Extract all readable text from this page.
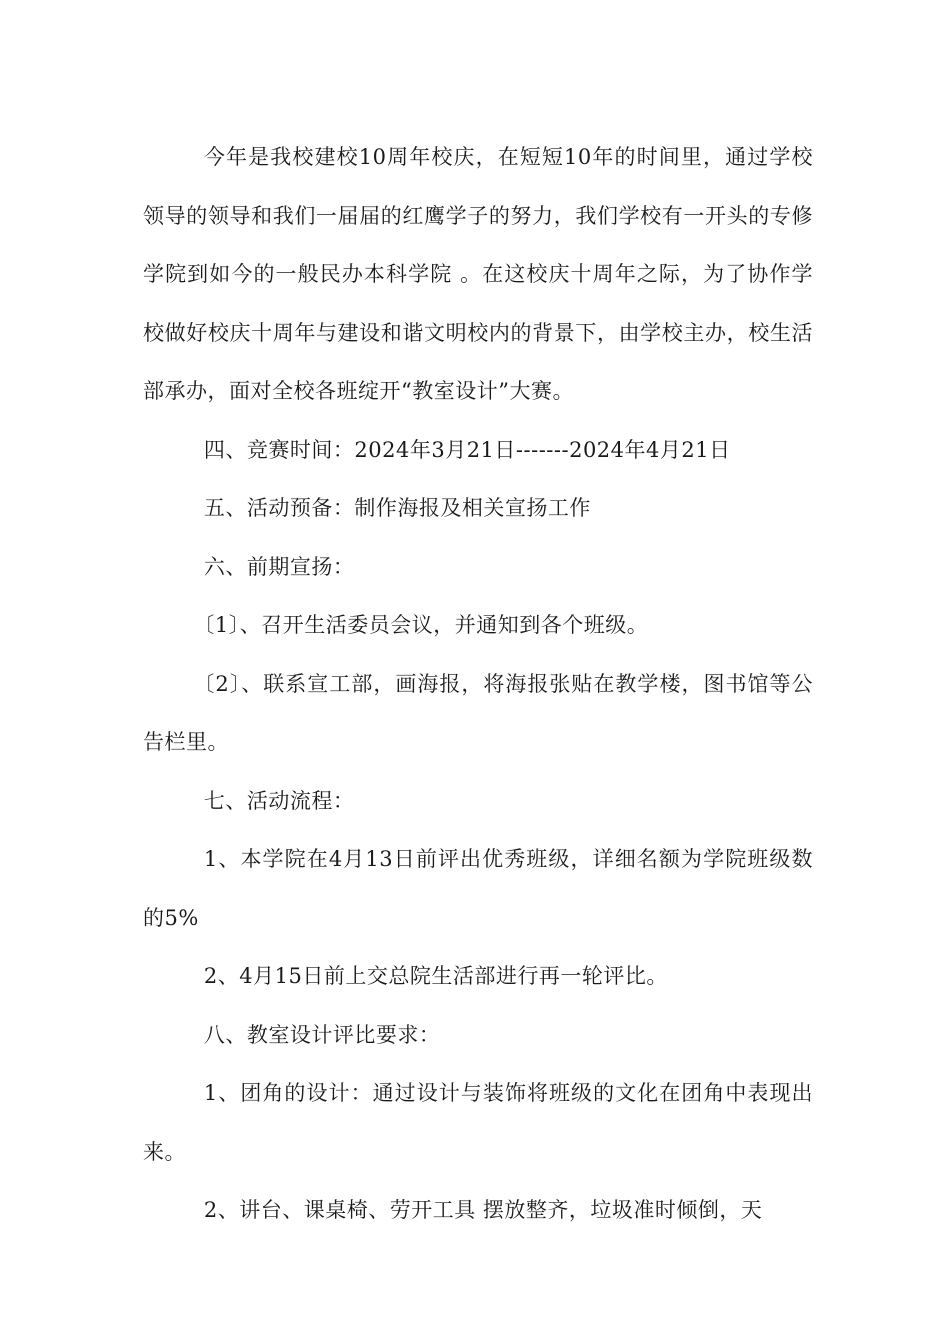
今年是我校建校10周年校庆，在短短10年的时间里，通过学校领导的领导和我们一届届的红鹰学子的努力，我们学校有一开头的专修学院到如今的一般民办本科学院 。在这校庆十周年之际，为了协作学校做好校庆十周年与建设和谐文明校内的背景下，由学校主办，校生活部承办，面对全校各班绽开“教室设计”大赛。

四、竞赛时间：2024年3月21日-------2024年4月21日

五、活动预备：制作海报及相关宣扬工作

六、前期宣扬：

〔1〕、召开生活委员会议，并通知到各个班级。

〔2〕、联系宣工部，画海报，将海报张贴在教学楼，图书馆等公告栏里。

七、活动流程：

1、本学院在4月13日前评出优秀班级，详细名额为学院班级数的5%

2、4月15日前上交总院生活部进行再一轮评比。

八、教室设计评比要求：

1、团角的设计：通过设计与装饰将班级的文化在团角中表现出来。

2、讲台、课桌椅、劳开工具 摆放整齐，垃圾准时倾倒，天
